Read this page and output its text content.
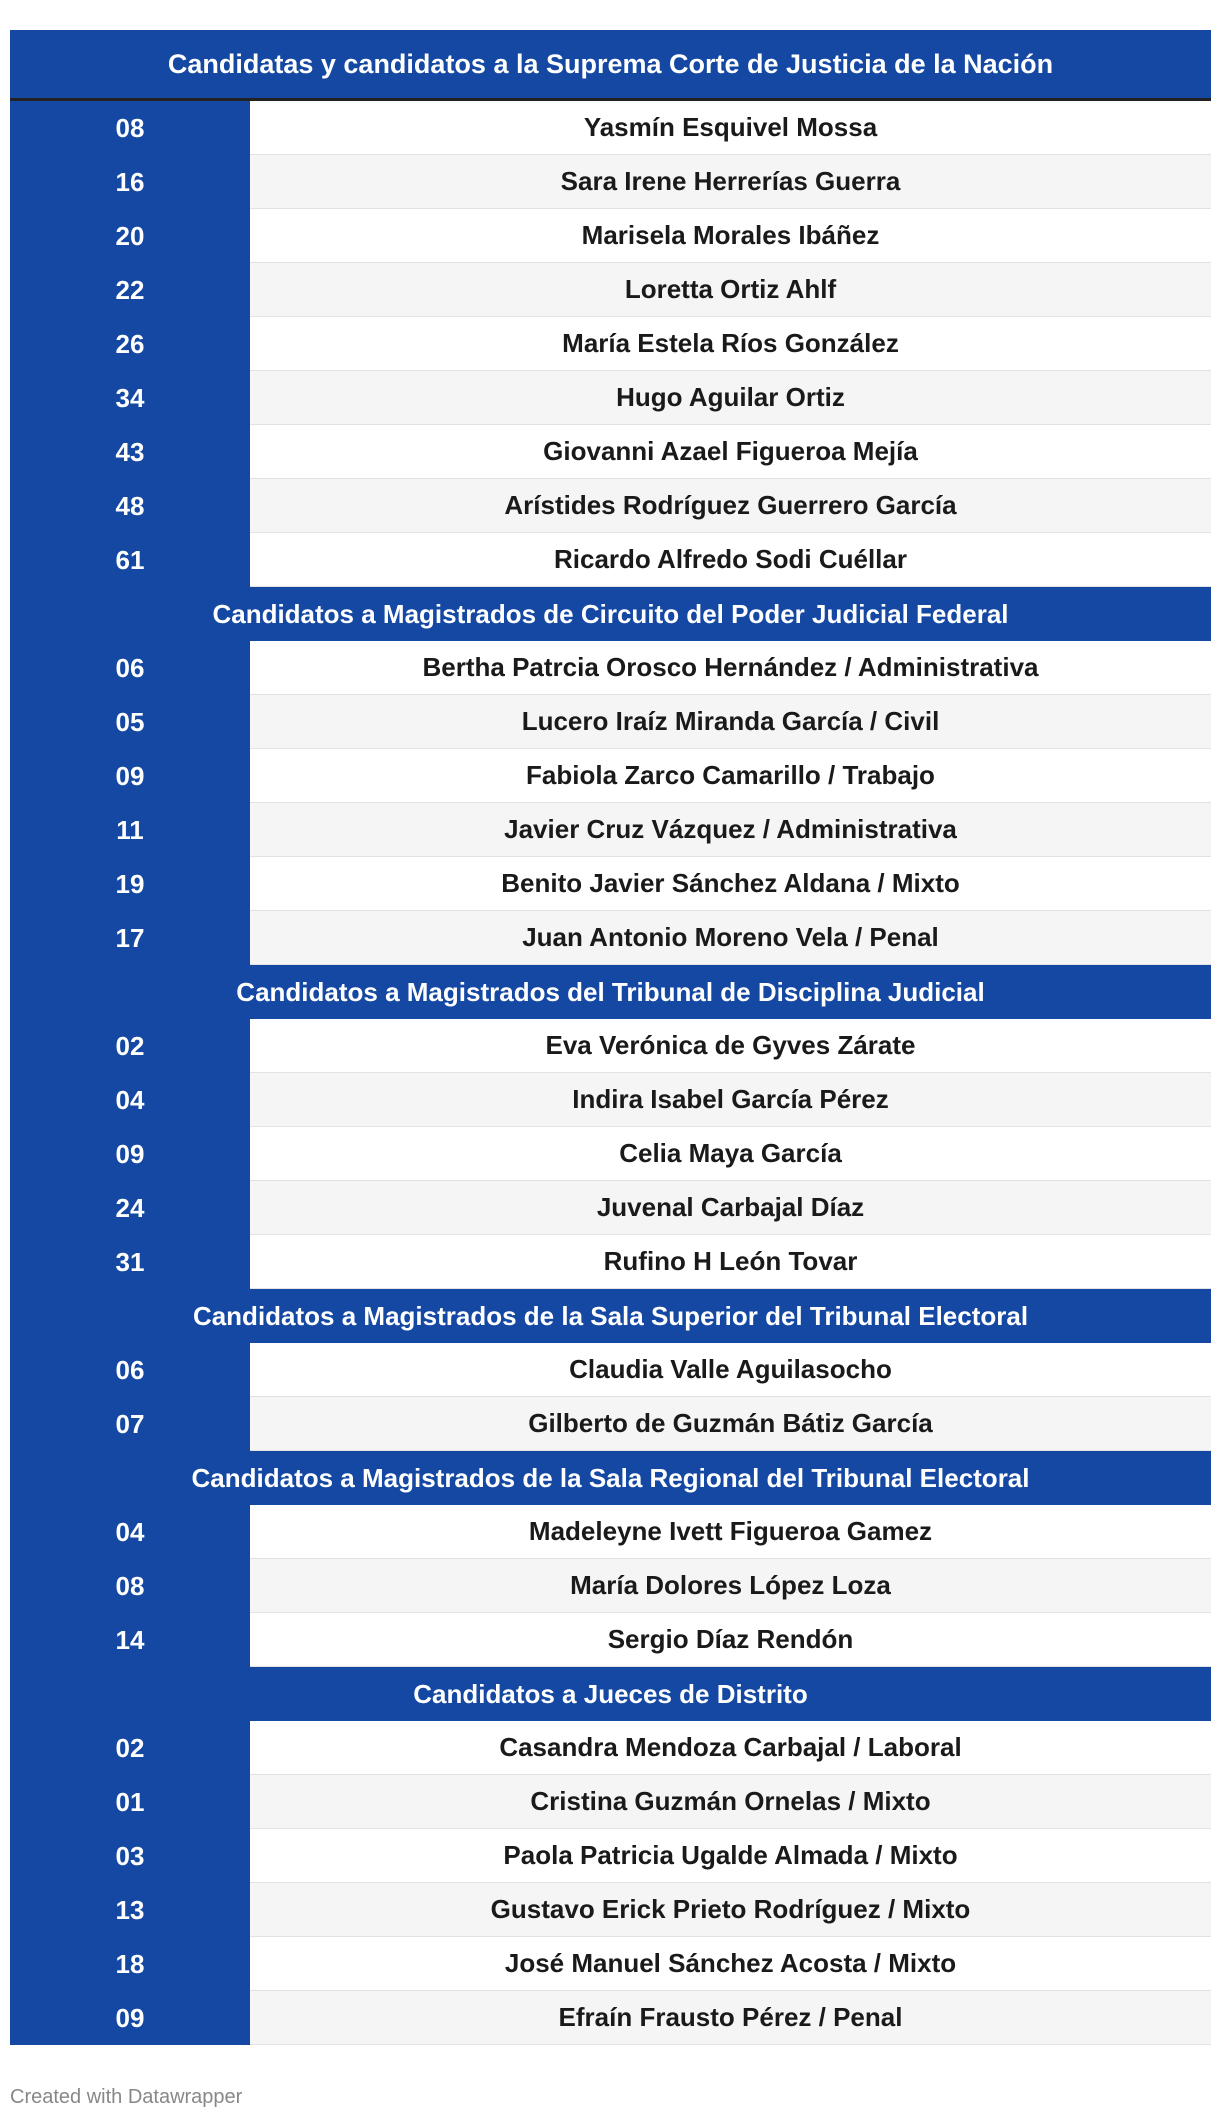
Candidatas y candidatos a la Suprema Corte de Justicia de la Nación
08	Yasmín Esquivel Mossa
16	Sara Irene Herrerías Guerra
20	Marisela Morales Ibáñez
22	Loretta Ortiz Ahlf
26	María Estela Ríos González
34	Hugo Aguilar Ortiz
43	Giovanni Azael Figueroa Mejía
48	Arístides Rodríguez Guerrero García
61	Ricardo Alfredo Sodi Cuéllar
Candidatos a Magistrados de Circuito del Poder Judicial Federal
06	Bertha Patrcia Orosco Hernández / Administrativa
05	Lucero Iraíz Miranda García / Civil
09	Fabiola Zarco Camarillo / Trabajo
11	Javier Cruz Vázquez / Administrativa
19	Benito Javier Sánchez Aldana / Mixto
17	Juan Antonio Moreno Vela / Penal
Candidatos a Magistrados del Tribunal de Disciplina Judicial
02	Eva Verónica de Gyves Zárate
04	Indira Isabel García Pérez
09	Celia Maya García
24	Juvenal Carbajal Díaz
31	Rufino H León Tovar
Candidatos a Magistrados de la Sala Superior del Tribunal Electoral
06	Claudia Valle Aguilasocho
07	Gilberto de Guzmán Bátiz García
Candidatos a Magistrados de la Sala Regional del Tribunal Electoral
04	Madeleyne Ivett Figueroa Gamez
08	María Dolores López Loza
14	Sergio Díaz Rendón
Candidatos a Jueces de Distrito
02	Casandra Mendoza Carbajal / Laboral
01	Cristina Guzmán Ornelas / Mixto
03	Paola Patricia Ugalde Almada / Mixto
13	Gustavo Erick Prieto Rodríguez / Mixto
18	José Manuel Sánchez Acosta / Mixto
09	Efraín Frausto Pérez / Penal
Created with Datawrapper
